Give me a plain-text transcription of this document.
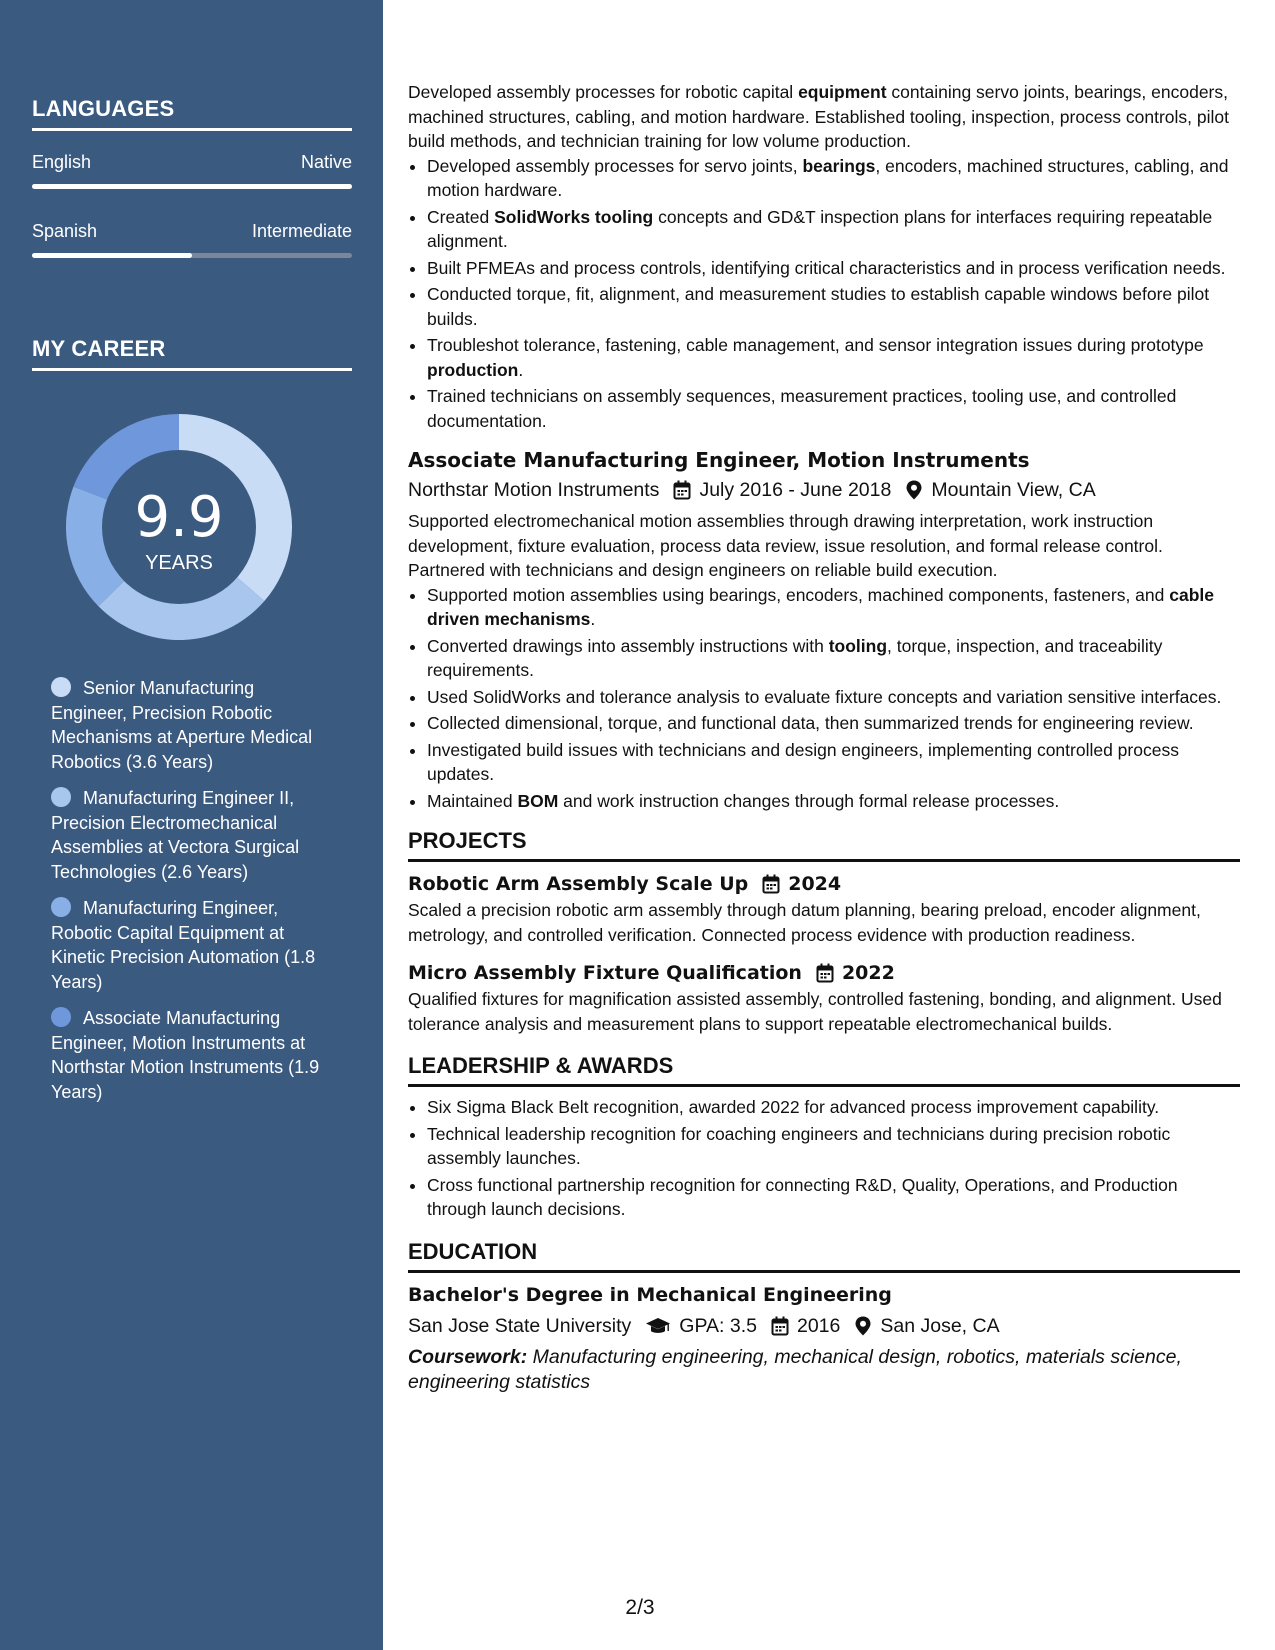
LANGUAGES
English	Native
Spanish	Intermediate
MY CAREER
9.9
YEARS
Senior Manufacturing Engineer, Precision Robotic Mechanisms at Aperture Medical Robotics (3.6 Years)
Manufacturing Engineer II, Precision Electromechanical Assemblies at Vectora Surgical Technologies (2.6 Years)
Manufacturing Engineer, Robotic Capital Equipment at Kinetic Precision Automation (1.8 Years)
Associate Manufacturing Engineer, Motion Instruments at Northstar Motion Instruments (1.9 Years)

Developed assembly processes for robotic capital equipment containing servo joints, bearings, encoders, machined structures, cabling, and motion hardware. Established tooling, inspection, process controls, pilot build methods, and technician training for low volume production.

• Developed assembly processes for servo joints, bearings, encoders, machined structures, cabling, and motion hardware.
• Created SolidWorks tooling concepts and GD&T inspection plans for interfaces requiring repeatable alignment.
• Built PFMEAs and process controls, identifying critical characteristics and in process verification needs.
• Conducted torque, fit, alignment, and measurement studies to establish capable windows before pilot builds.
• Troubleshot tolerance, fastening, cable management, and sensor integration issues during prototype production.
• Trained technicians on assembly sequences, measurement practices, tooling use, and controlled documentation.
Associate Manufacturing Engineer, Motion Instruments
Northstar Motion Instruments July 2016 - June 2018 Mountain View, CA

Supported electromechanical motion assemblies through drawing interpretation, work instruction development, fixture evaluation, process data review, issue resolution, and formal release control. Partnered with technicians and design engineers on reliable build execution.

• Supported motion assemblies using bearings, encoders, machined components, fasteners, and cable driven mechanisms.
• Converted drawings into assembly instructions with tooling, torque, inspection, and traceability requirements.
• Used SolidWorks and tolerance analysis to evaluate fixture concepts and variation sensitive interfaces.
• Collected dimensional, torque, and functional data, then summarized trends for engineering review.
• Investigated build issues with technicians and design engineers, implementing controlled process updates.
• Maintained BOM and work instruction changes through formal release processes.
PROJECTS
Robotic Arm Assembly Scale Up 2024

Scaled a precision robotic arm assembly through datum planning, bearing preload, encoder alignment, metrology, and controlled verification. Connected process evidence with production readiness.

Micro Assembly Fixture Qualification 2022

Qualified fixtures for magnification assisted assembly, controlled fastening, bonding, and alignment. Used tolerance analysis and measurement plans to support repeatable electromechanical builds.

LEADERSHIP & AWARDS
• Six Sigma Black Belt recognition, awarded 2022 for advanced process improvement capability.
• Technical leadership recognition for coaching engineers and technicians during precision robotic assembly launches.
• Cross functional partnership recognition for connecting R&D, Quality, Operations, and Production through launch decisions.
EDUCATION
Bachelor's Degree in Mechanical Engineering
San Jose State University GPA: 3.5 2016 San Jose, CA

Coursework: Manufacturing engineering, mechanical design, robotics, materials science, engineering statistics

2/3
